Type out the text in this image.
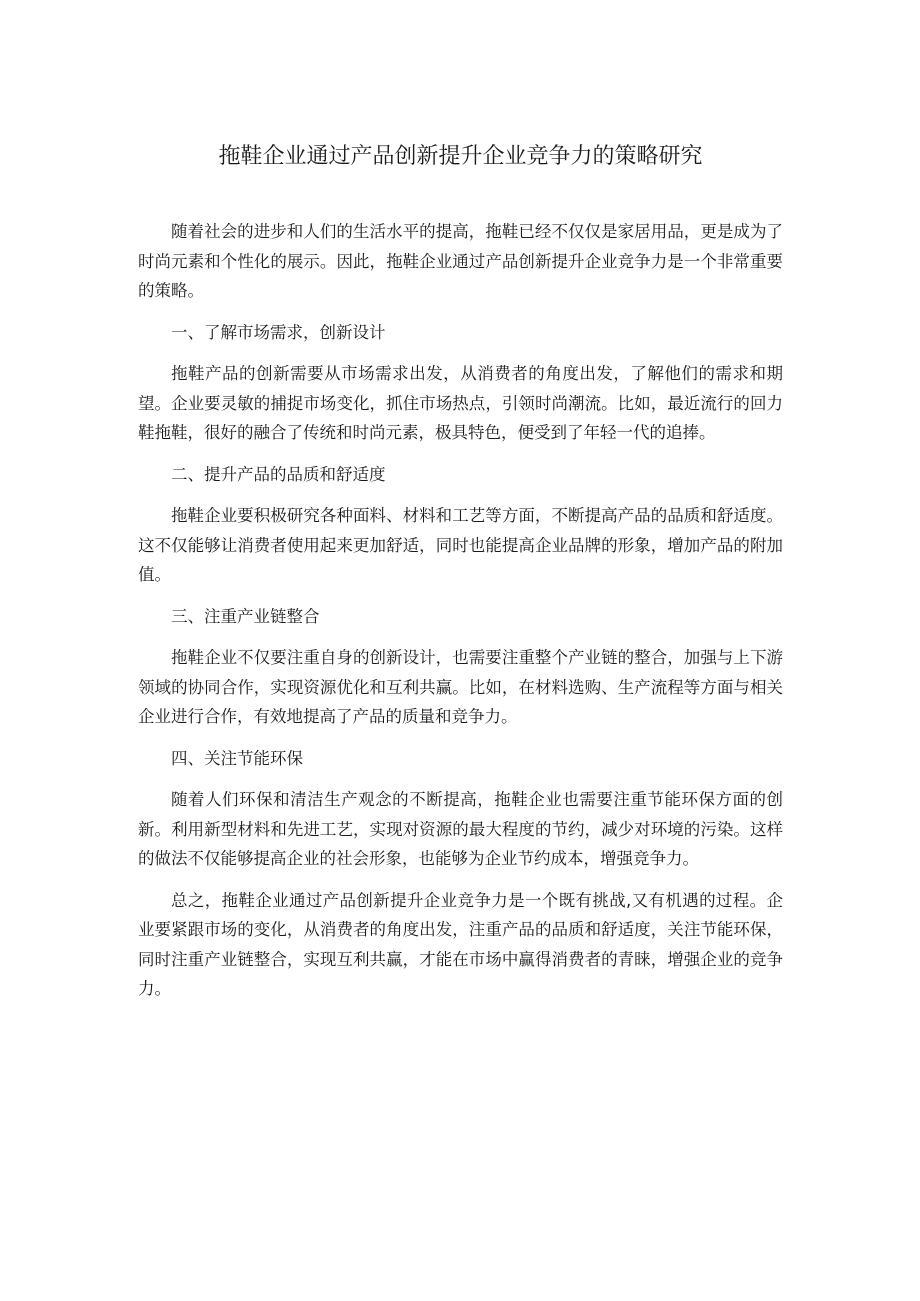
拖鞋企业通过产品创新提升企业竞争力的策略研究

随着社会的进步和人们的生活水平的提高，拖鞋已经不仅仅是家居用品，更是成为了时尚元素和个性化的展示。因此，拖鞋企业通过产品创新提升企业竞争力是一个非常重要的策略。

一、了解市场需求，创新设计

拖鞋产品的创新需要从市场需求出发，从消费者的角度出发，了解他们的需求和期望。企业要灵敏的捕捉市场变化，抓住市场热点，引领时尚潮流。比如，最近流行的回力鞋拖鞋，很好的融合了传统和时尚元素，极具特色，便受到了年轻一代的追捧。

二、提升产品的品质和舒适度

拖鞋企业要积极研究各种面料、材料和工艺等方面，不断提高产品的品质和舒适度。这不仅能够让消费者使用起来更加舒适，同时也能提高企业品牌的形象，增加产品的附加值。

三、注重产业链整合

拖鞋企业不仅要注重自身的创新设计，也需要注重整个产业链的整合，加强与上下游领域的协同合作，实现资源优化和互利共赢。比如，在材料选购、生产流程等方面与相关企业进行合作，有效地提高了产品的质量和竞争力。

四、关注节能环保

随着人们环保和清洁生产观念的不断提高，拖鞋企业也需要注重节能环保方面的创新。利用新型材料和先进工艺，实现对资源的最大程度的节约，减少对环境的污染。这样的做法不仅能够提高企业的社会形象，也能够为企业节约成本，增强竞争力。

总之，拖鞋企业通过产品创新提升企业竞争力是一个既有挑战,又有机遇的过程。企业要紧跟市场的变化，从消费者的角度出发，注重产品的品质和舒适度，关注节能环保，同时注重产业链整合，实现互利共赢，才能在市场中赢得消费者的青睐，增强企业的竞争力。
